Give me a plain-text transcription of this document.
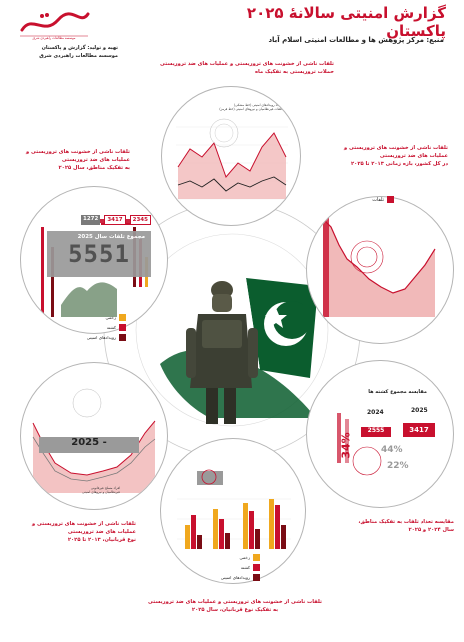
گزارش امنیتی سالانهٔ ۲۰۲۵ پاکستان
منبع: مرکز پژوهش ها و مطالعات امنیتی اسلام آباد
موسسه مطالعات راهبردی شرق
تهیه و تولید: گزارش و پاکستان
موسسه مطالعات راهبردی شرق
تلفات ناشی از خشونت های تروریستی و عملیات های ضد تروریستی
حملات تروریستی به تفکیک ماه
تعداد رویدادهای امنیتی (خط مشکی)
تلفات غیرنظامیان و نیروهای امنیتی (خط قرمز)
تلفات ناشی از خشونت های تروریستی و
عملیات های ضد تروریستی
به تفکیک مناطق، سال ۲۰۲۵
1272	3417	2345
مجموع تلفات سال 2025
5551
زخمی
کشته
رویدادهای امنیتی
تلفات ناشی از خشونت های تروریستی و
عملیات های ضد تروریستی
در کل کشور، بازه زمانی ۲۰۱۳ تا ۲۰۲۵
تلفات
2025 -
افراد مسلح غیرقانونی
غیرنظامیان و نیروهای امنیتی
تلفات ناشی از خشونت های تروریستی و
عملیات های ضد تروریستی
نوع قربانیان، ۲۰۱۳ تا ۲۰۲۵
مقایسه مجموع کشته ها
2024	2025
2555	3417
34%	44%
22%
مقایسه تعداد تلفات به تفکیک مناطق،
سال ۲۰۲۴ و ۲۰۲۵
زخمی
کشته
رویدادهای امنیتی
تلفات ناشی از خشونت های تروریستی و عملیات های ضد تروریستی
به تفکیک نوع قربانیان، سال ۲۰۲۵
